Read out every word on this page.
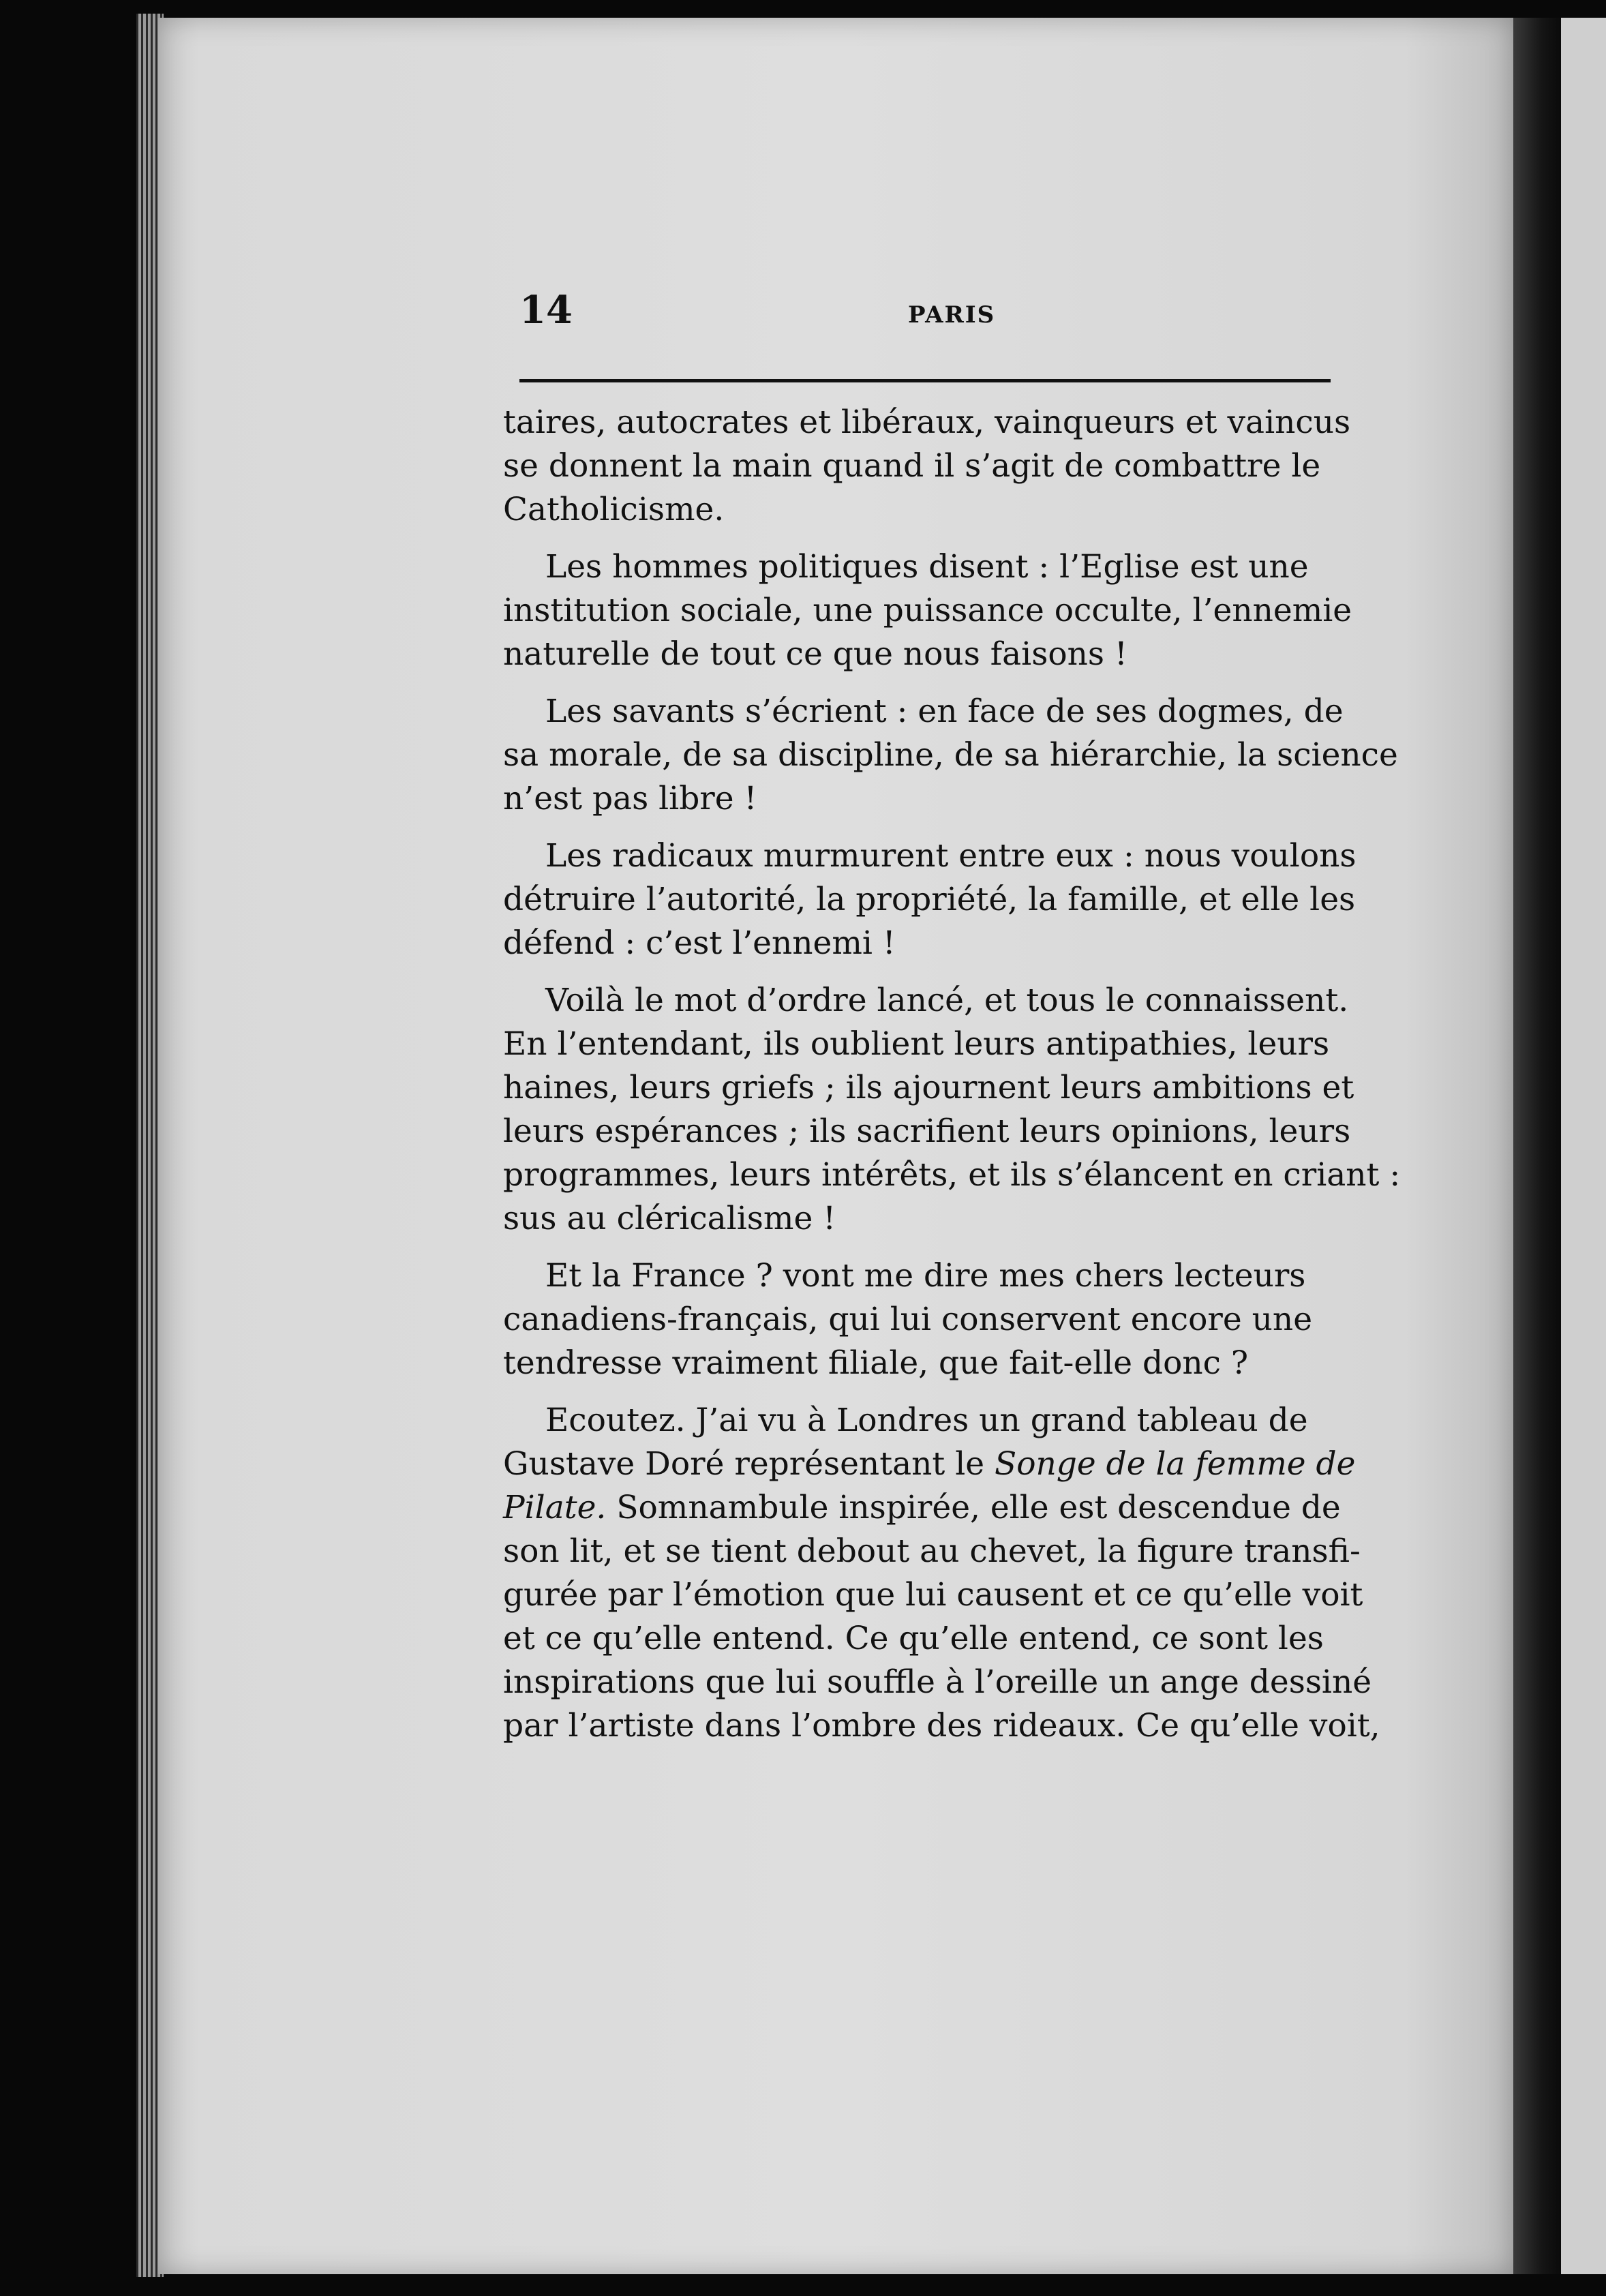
14	PARIS
taires, autocrates et libéraux, vainqueurs et vaincus
se donnent la main quand il s’agit de combattre le
Catholicisme.
Les hommes politiques disent : l’Eglise est une
institution sociale, une puissance occulte, l’ennemie
naturelle de tout ce que nous faisons !
Les savants s’écrient : en face de ses dogmes, de
sa morale, de sa discipline, de sa hiérarchie, la science
n’est pas libre !
Les radicaux murmurent entre eux : nous voulons
détruire l’autorité, la propriété, la famille, et elle les
défend : c’est l’ennemi !
Voilà le mot d’ordre lancé, et tous le connaissent.
En l’entendant, ils oublient leurs antipathies, leurs
haines, leurs griefs ; ils ajournent leurs ambitions et
leurs espérances ; ils sacrifient leurs opinions, leurs
programmes, leurs intérêts, et ils s’élancent en criant :
sus au cléricalisme !
Et la France ? vont me dire mes chers lecteurs
canadiens-français, qui lui conservent encore une
tendresse vraiment filiale, que fait-elle donc ?
Ecoutez. J’ai vu à Londres un grand tableau de
Gustave Doré représentant le Songe de la femme de
Pilate. Somnambule inspirée, elle est descendue de
son lit, et se tient debout au chevet, la figure transfi-
gurée par l’émotion que lui causent et ce qu’elle voit
et ce qu’elle entend. Ce qu’elle entend, ce sont les
inspirations que lui souffle à l’oreille un ange dessiné
par l’artiste dans l’ombre des rideaux. Ce qu’elle voit,
